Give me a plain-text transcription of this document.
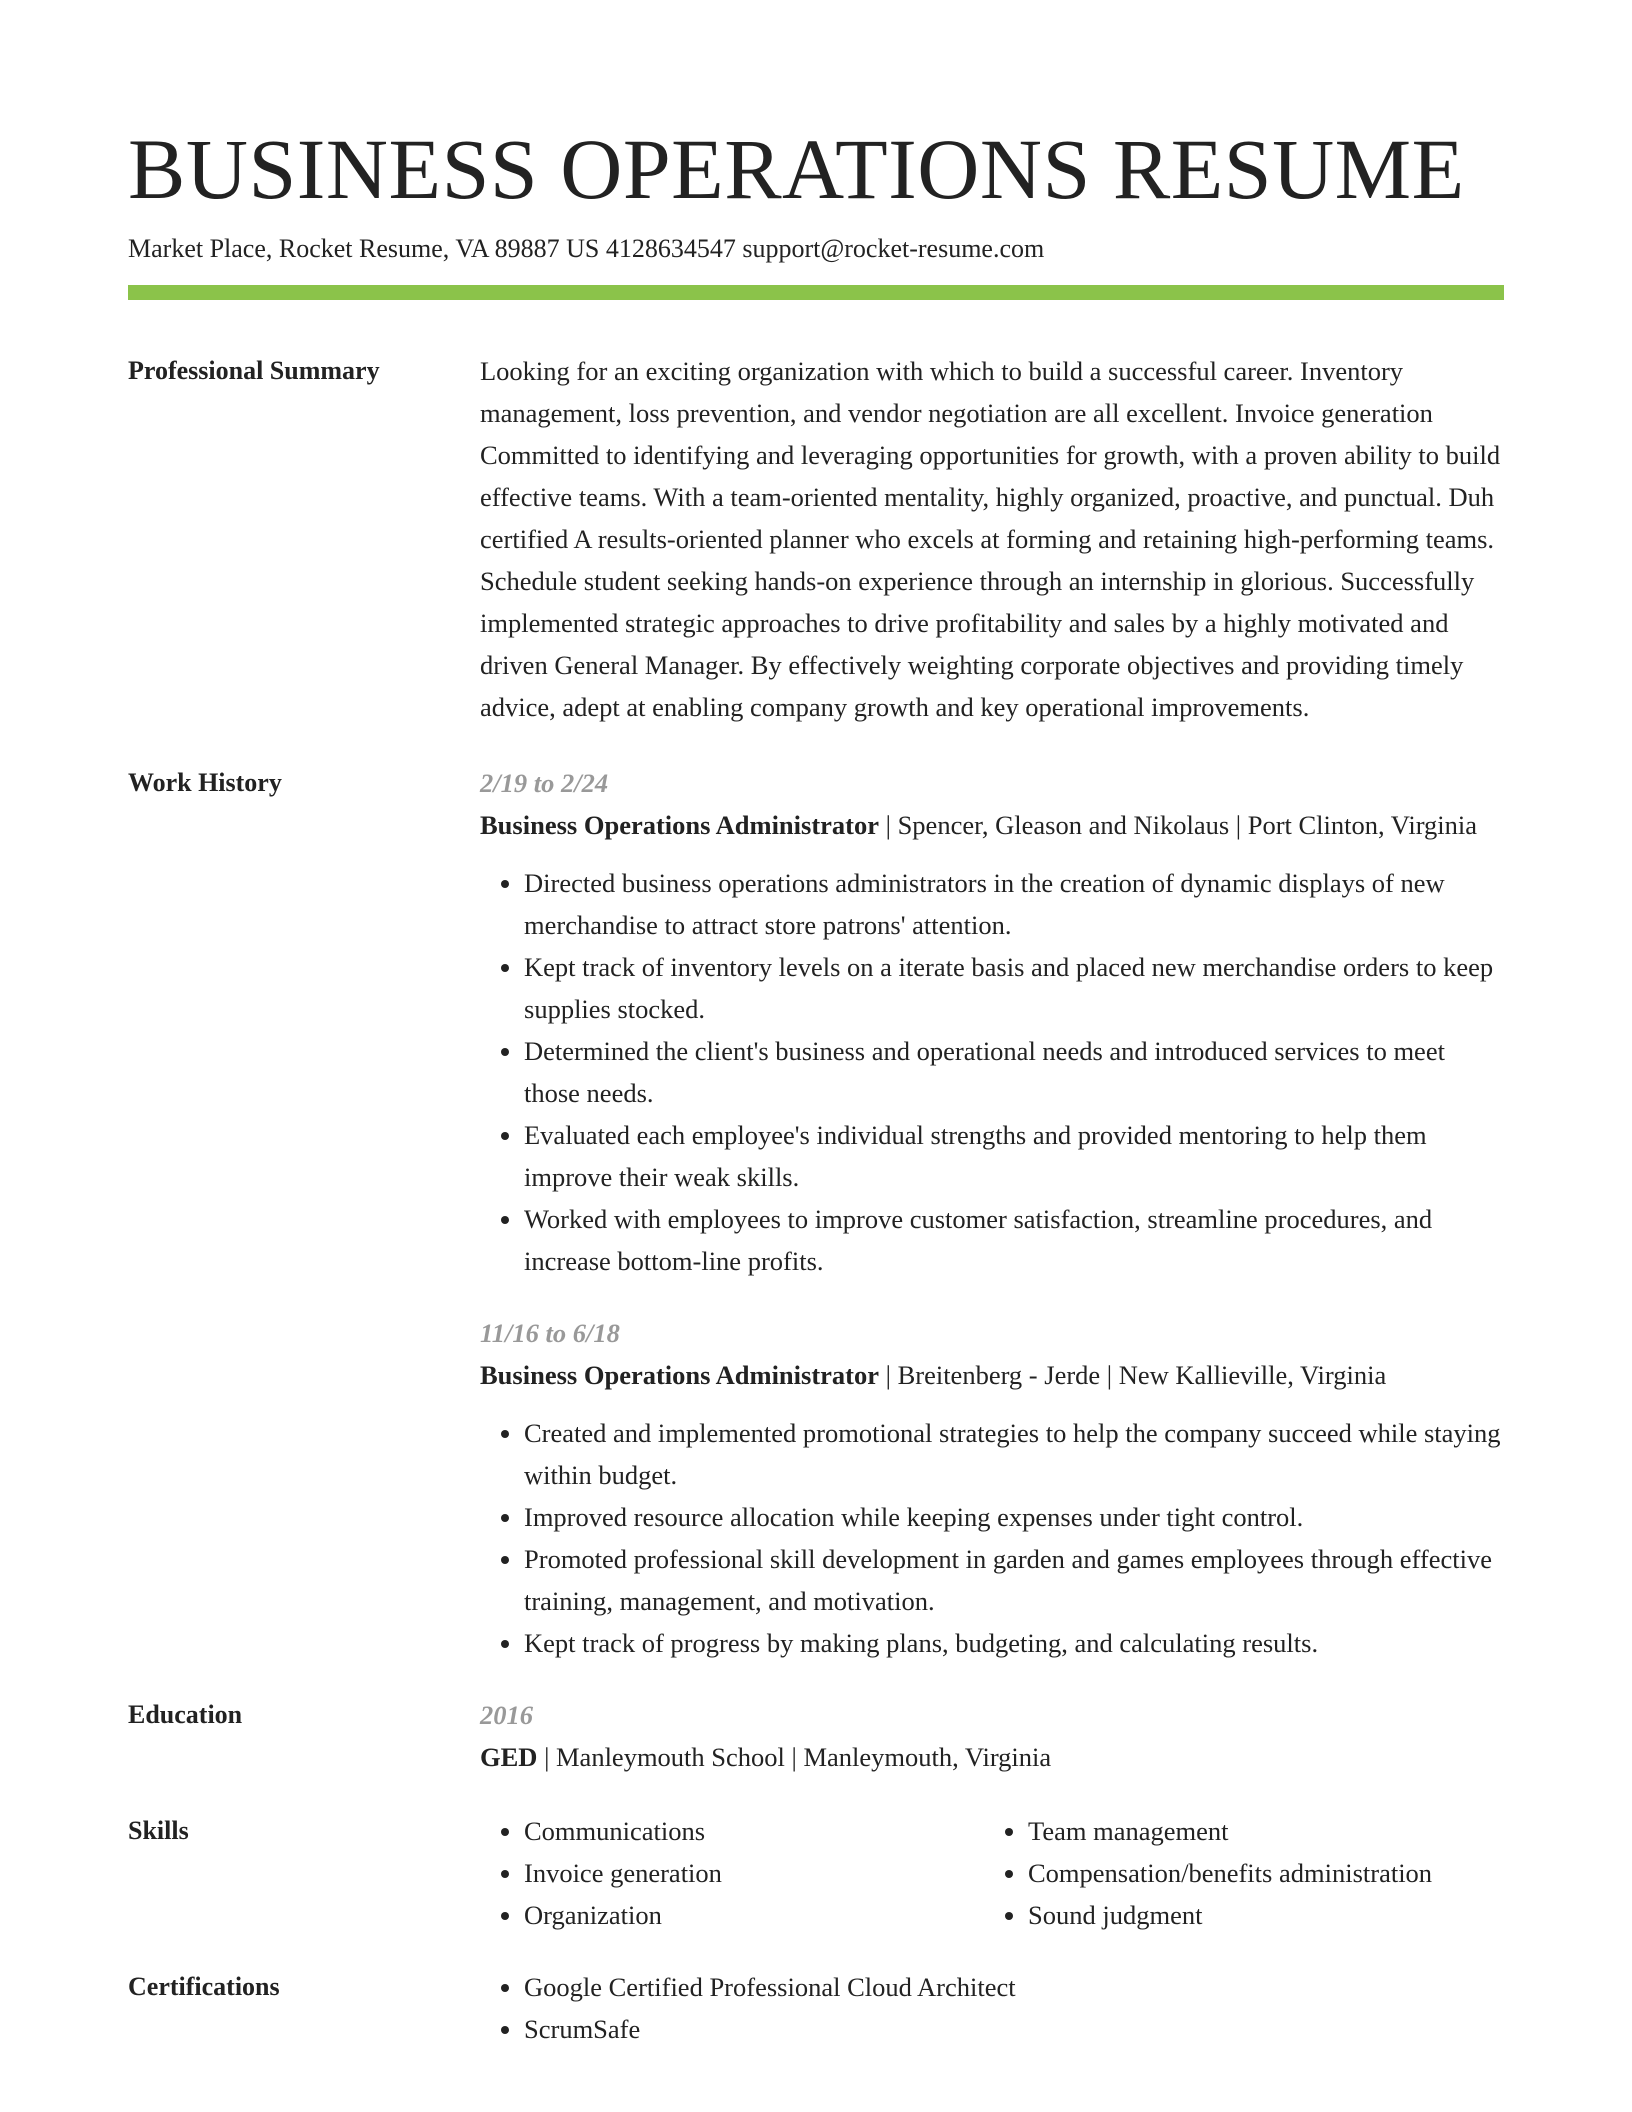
BUSINESS OPERATIONS RESUME
Market Place, Rocket Resume, VA 89887 US 4128634547 support@rocket-resume.com
Professional Summary	Looking for an exciting organization with which to build a successful career. Inventory management, loss prevention, and vendor negotiation are all excellent. Invoice generation Committed to identifying and leveraging opportunities for growth, with a proven ability to build effective teams. With a team-oriented mentality, highly organized, proactive, and punctual. Duh certified A results-oriented planner who excels at forming and retaining high-performing teams. Schedule student seeking hands-on experience through an internship in glorious. Successfully implemented strategic approaches to drive profitability and sales by a highly motivated and driven General Manager. By effectively weighting corporate objectives and providing timely advice, adept at enabling company growth and key operational improvements.

Work History	2/19 to 2/24
Business Operations Administrator | Spencer, Gleason and Nikolaus | Port Clinton, Virginia
• Directed business operations administrators in the creation of dynamic displays of new merchandise to attract store patrons' attention.
• Kept track of inventory levels on a iterate basis and placed new merchandise orders to keep supplies stocked.
• Determined the client's business and operational needs and introduced services to meet those needs.
• Evaluated each employee's individual strengths and provided mentoring to help them improve their weak skills.
• Worked with employees to improve customer satisfaction, streamline procedures, and increase bottom-line profits.
11/16 to 6/18
Business Operations Administrator | Breitenberg - Jerde | New Kallieville, Virginia
• Created and implemented promotional strategies to help the company succeed while staying within budget.
• Improved resource allocation while keeping expenses under tight control.
• Promoted professional skill development in garden and games employees through effective training, management, and motivation.
• Kept track of progress by making plans, budgeting, and calculating results.
Education	2016
GED | Manleymouth School | Manleymouth, Virginia
Skills	• Communications
• Invoice generation
• Organization
• Team management
• Compensation/benefits administration
• Sound judgment
Certifications	• Google Certified Professional Cloud Architect
• ScrumSafe
